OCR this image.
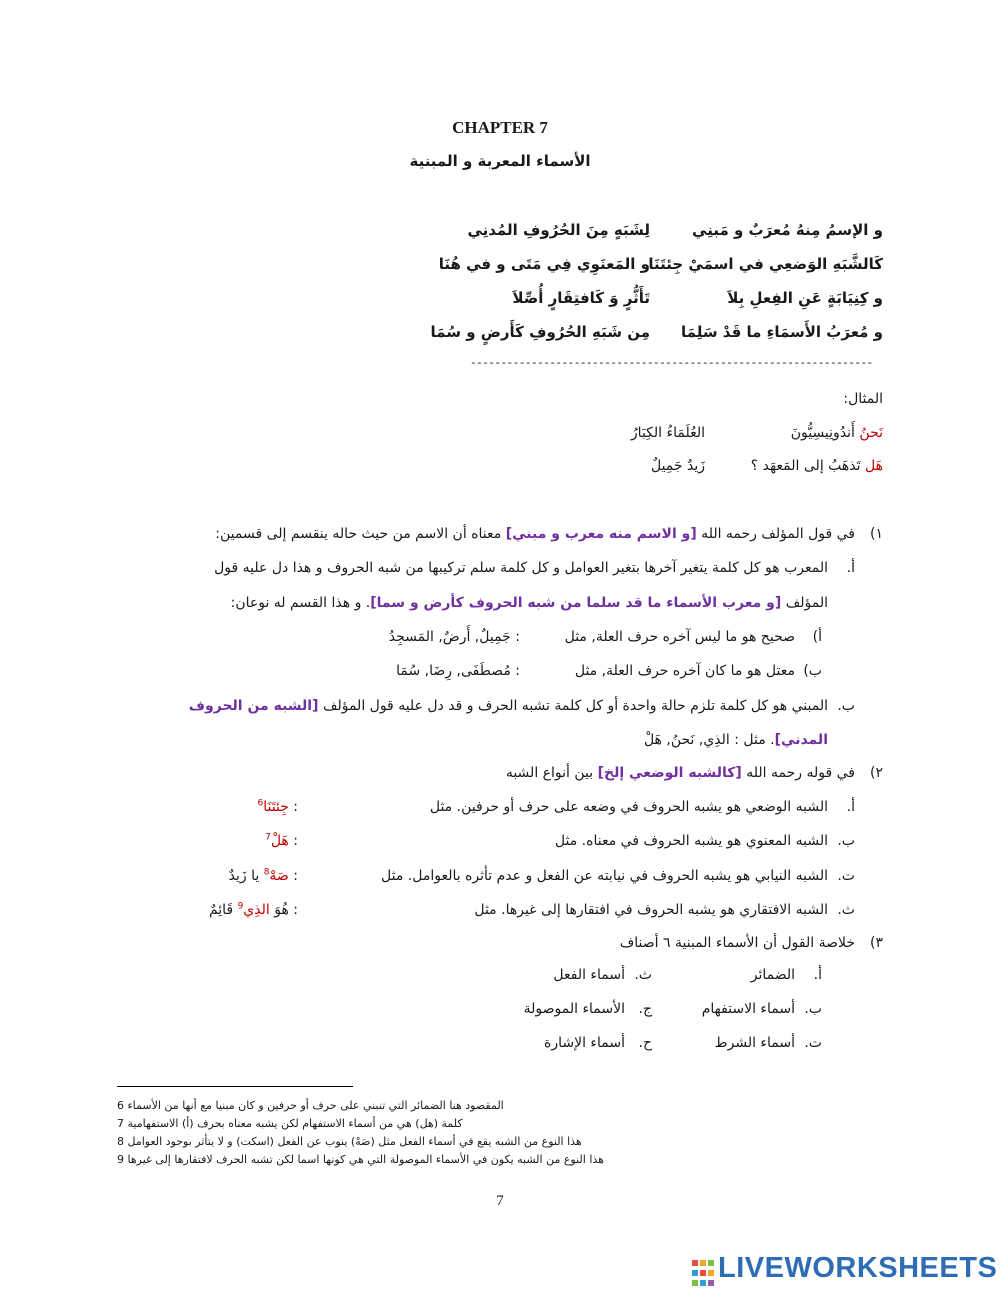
CHAPTER 7
الأسماء المعربة و المبنية
و الإسمُ مِنهُ مُعرَبٌ و مَبنِي
لِشَبَهٍ مِنَ الحُرُوفِ المُدنِي
كَالشَّبَهِ الوَضعِي في اسمَيْ جِئتَنَا
و المَعنَوِي فِي مَتَى و في هُنَا
و كِنِيَابَةٍ عَنِ الفِعلِ بِلاَ
تَأَثُّرٍ وَ كَافتِقَارٍ أُصِّلاَ
و مُعرَبُ الأَسمَاءِ ما قَدْ سَلِمَا
مِن شَبَهِ الحُرُوفِ كَأَرضٍ و سُمَا
------------------------------------------------------------------
المثال:
نَحنُ أَندُونِيسِيُّونَ
العُلَمَاءُ الكِبَارُ
هَل تَذهَبُ إلى المَعهَد ؟
زَيدٌ جَمِيلٌ
١)
في قول المؤلف رحمه الله [و الاسم منه معرب و مبني] معناه أن الاسم من حيث حاله ينقسم إلى قسمين:
أ.
المعرب هو كل كلمة يتغير آخرها بتغير العوامل و كل كلمة سلم تركيبها من شبه الحروف و هذا دل عليه قول
المؤلف [و معرب الأسماء ما قد سلما من شبه الحروف كأرض و سما]. و هذا القسم له نوعان:
أ)
صحيح هو ما ليس آخره حرف العلة, مثل
: جَمِيلٌ, أَرضٌ, المَسجِدُ
ب)
معتل هو ما كان آخره حرف العلة, مثل
: مُصطَفَى, رِضَا, سُمَا
ب.
المبني هو كل كلمة تلزم حالة واحدة أو كل كلمة تشبه الحرف و قد دل عليه قول المؤلف [الشبه من الحروف
المدني]. مثل : الذِي, نَحنُ, هَلْ
٢)
في قوله رحمه الله [كالشبه الوضعي إلخ] بين أنواع الشبه
أ.
الشبه الوضعي هو يشبه الحروف في وضعه على حرف أو حرفين. مثل
: جِئتَنَا$^6$
ب.
الشبه المعنوي هو يشبه الحروف في معناه. مثل
: هَلْ$^7$
ت.
الشبه النيابي هو يشبه الحروف في نيابته عن الفعل و عدم تأثره بالعوامل. مثل
: صَهْ$^8$ يا زَيدٌ
ث.
الشبه الافتقاري هو يشبه الحروف في افتقارها إلى غيرها. مثل
: هُوَ الذِي$^9$ قَائِمٌ
٣)
خلاصة القول أن الأسماء المبنية ٦ أصناف
أ.
الضمائر
ث.
أسماء الفعل
ب.
أسماء الاستفهام
ج.
الأسماء الموصولة
ت.
أسماء الشرط
ح.
أسماء الإشارة
المقصود هنا الضمائر التي تنبني على حرف أو حرفين و كان مبنيا مع أنها من الأسماء 6
كلمة (هل) هي من أسماء الاستفهام لكن يشبه معناه بحرف (أ) الاستفهامية 7
هذا النوع من الشبه يقع في أسماء الفعل مثل (صَهْ) ينوب عن الفعل (اسكت) و لا يتأثر بوجود العوامل 8
هذا النوع من الشبه يكون في الأسماء الموصولة التي هي كونها اسما لكن تشبه الحرف لافتقارها إلى غيرها 9
7
LIVEWORKSHEETS
